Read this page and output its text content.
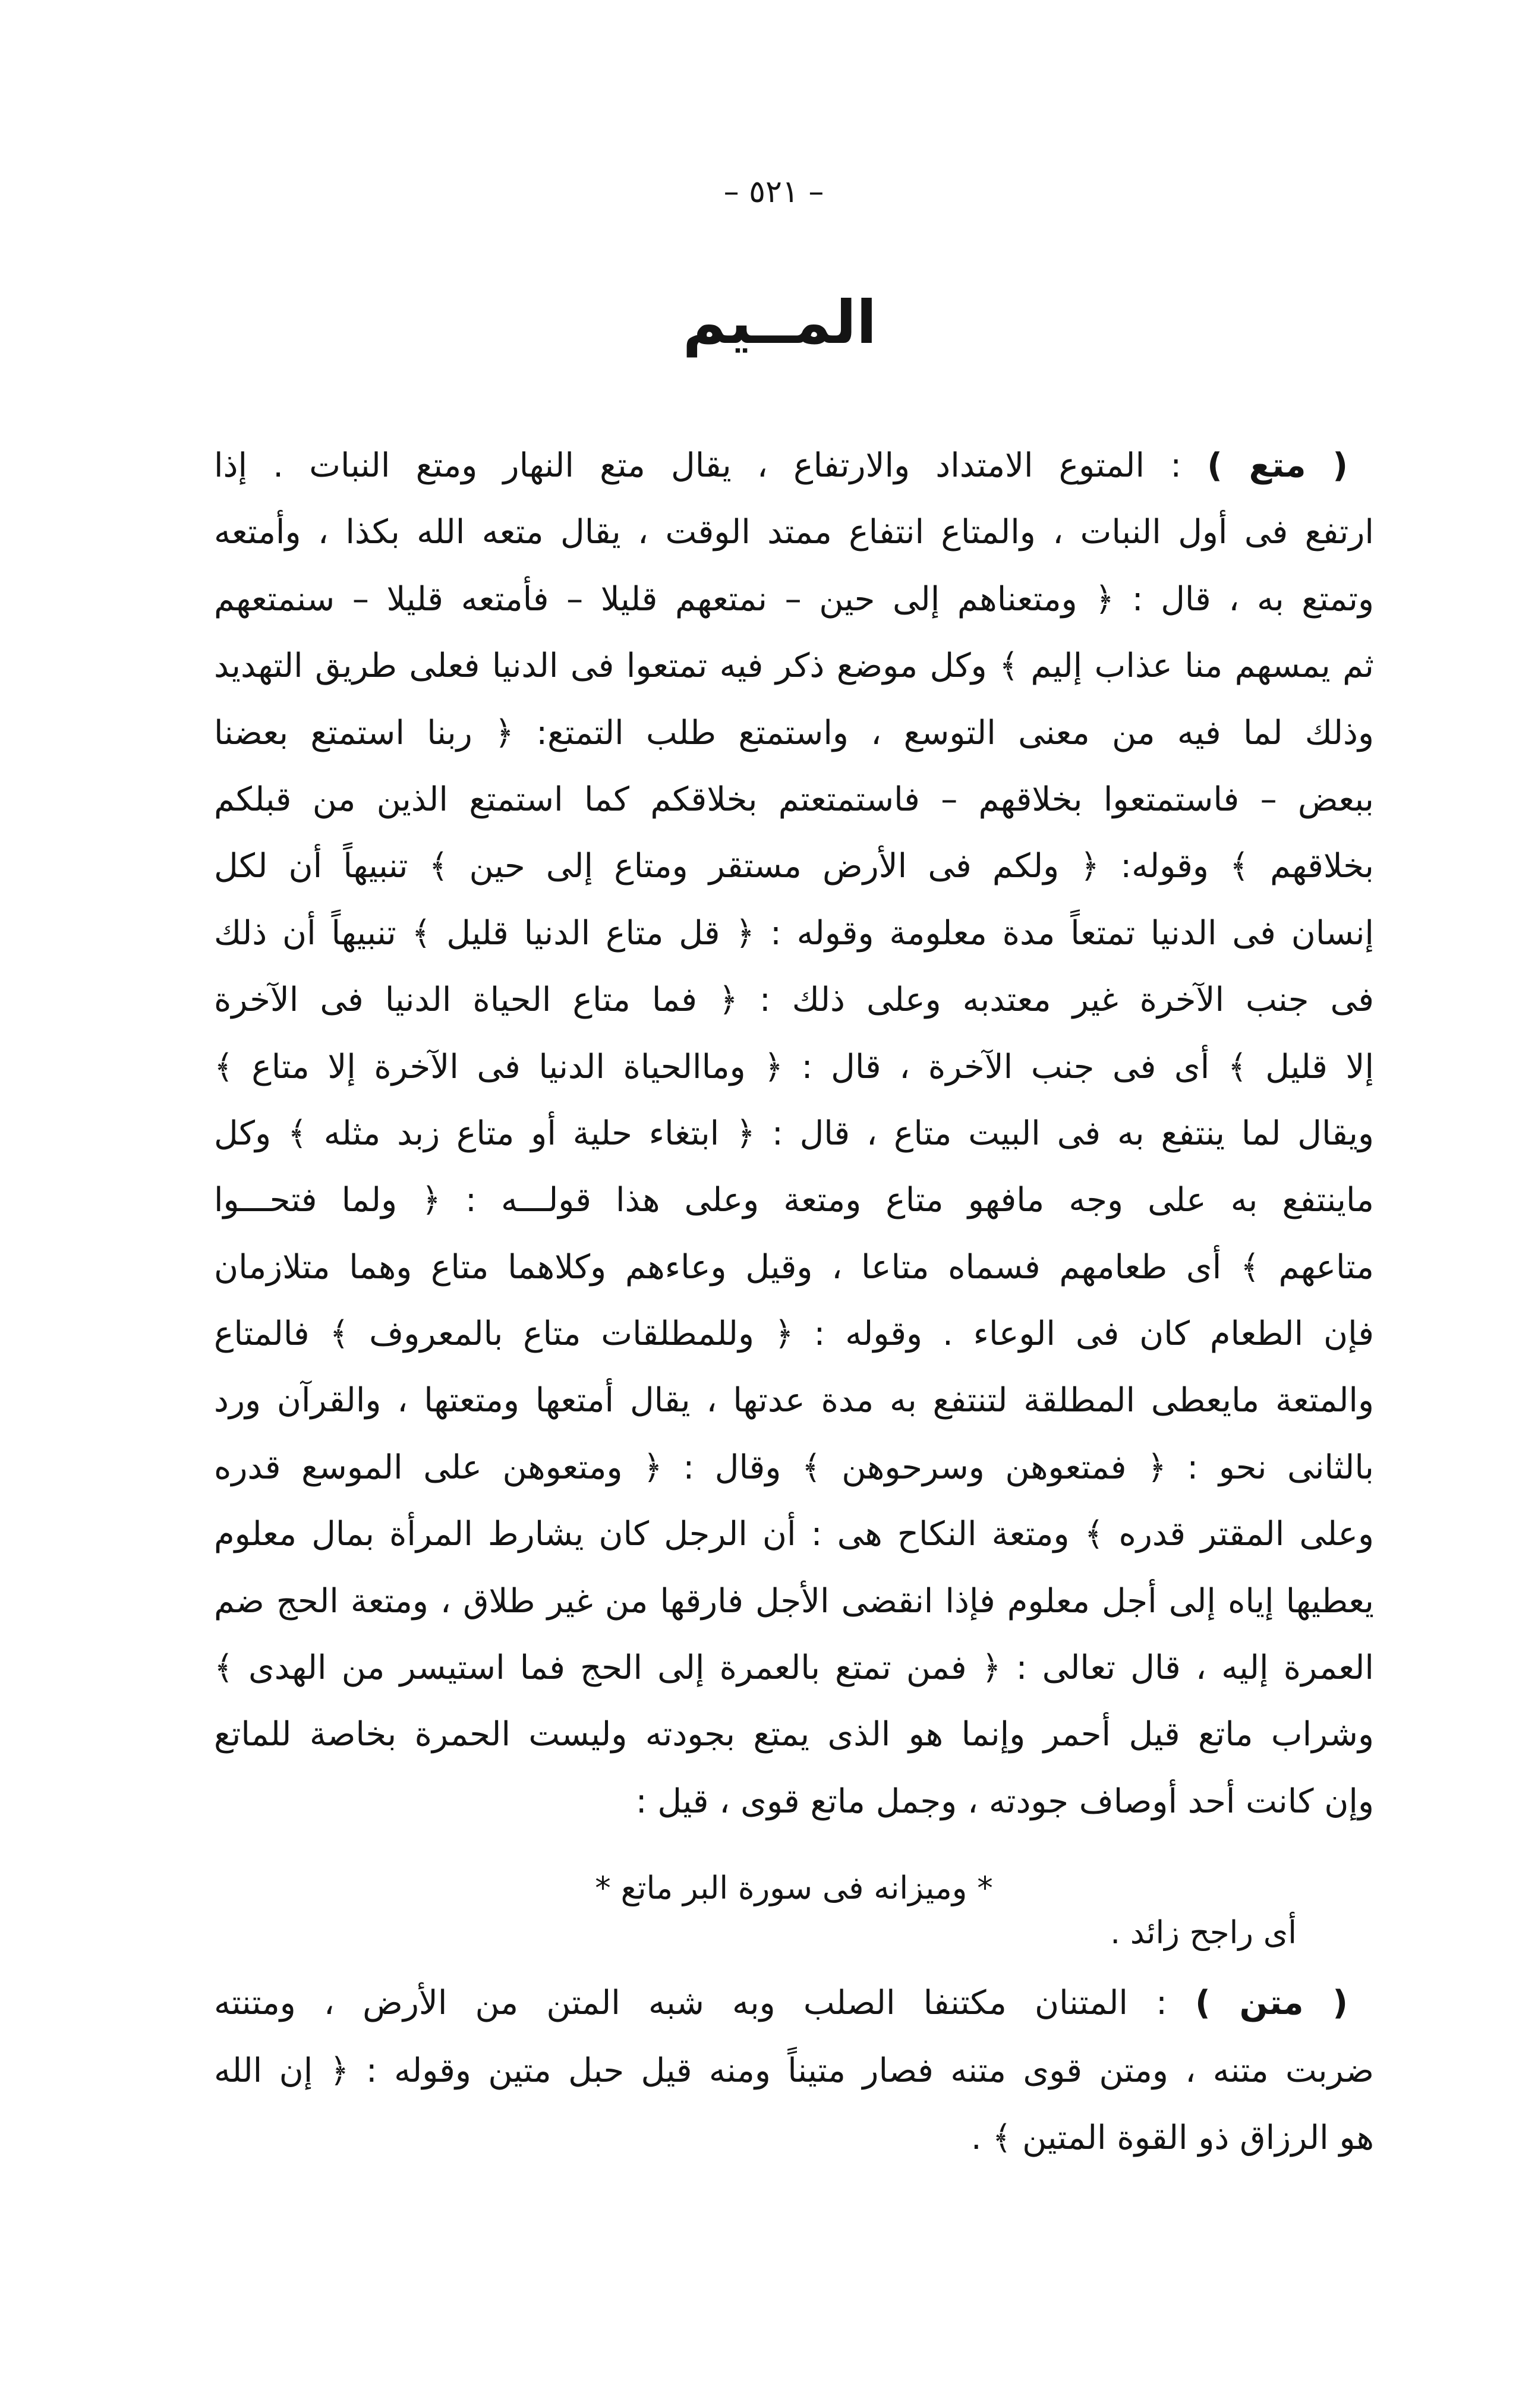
– ٥٢١ –
المــيم
( متع ) : المتوع الامتداد والارتفاع ، يقال متع النهار ومتع النبات . إذا
ارتفع فى أول النبات ، والمتاع انتفاع ممتد الوقت ، يقال متعه الله بكذا ، وأمتعه
وتمتع به ، قال : ﴿ ومتعناهم إلى حين – نمتعهم قليلا – فأمتعه قليلا – سنمتعهم
ثم يمسهم منا عذاب إليم ﴾ وكل موضع ذكر فيه تمتعوا فى الدنيا فعلى طريق التهديد
وذلك لما فيه من معنى التوسع ، واستمتع طلب التمتع: ﴿ ربنا استمتع بعضنا
ببعض – فاستمتعوا بخلاقهم – فاستمتعتم بخلاقكم كما استمتع الذين من قبلكم
بخلاقهم ﴾ وقوله: ﴿ ولكم فى الأرض مستقر ومتاع إلى حين ﴾ تنبيهاً أن لكل
إنسان فى الدنيا تمتعاً مدة معلومة وقوله : ﴿ قل متاع الدنيا قليل ﴾ تنبيهاً أن ذلك
فى جنب الآخرة غير معتدبه وعلى ذلك : ﴿ فما متاع الحياة الدنيا فى الآخرة
إلا قليل ﴾ أى فى جنب الآخرة ، قال : ﴿ وماالحياة الدنيا فى الآخرة إلا متاع ﴾
ويقال لما ينتفع به فى البيت متاع ، قال : ﴿ ابتغاء حلية أو متاع زبد مثله ﴾ وكل
ماينتفع به على وجه مافهو متاع ومتعة وعلى هذا قولـــه : ﴿ ولما فتحـــوا
متاعهم ﴾ أى طعامهم فسماه متاعا ، وقيل وعاءهم وكلاهما متاع وهما متلازمان
فإن الطعام كان فى الوعاء . وقوله : ﴿ وللمطلقات متاع بالمعروف ﴾ فالمتاع
والمتعة مايعطى المطلقة لتنتفع به مدة عدتها ، يقال أمتعها ومتعتها ، والقرآن ورد
بالثانى نحو : ﴿ فمتعوهن وسرحوهن ﴾ وقال : ﴿ ومتعوهن على الموسع قدره
وعلى المقتر قدره ﴾ ومتعة النكاح هى : أن الرجل كان يشارط المرأة بمال معلوم
يعطيها إياه إلى أجل معلوم فإذا انقضى الأجل فارقها من غير طلاق ، ومتعة الحج ضم
العمرة إليه ، قال تعالى : ﴿ فمن تمتع بالعمرة إلى الحج فما استيسر من الهدى ﴾
وشراب ماتع قيل أحمر وإنما هو الذى يمتع بجودته وليست الحمرة بخاصة للماتع
وإن كانت أحد أوصاف جودته ، وجمل ماتع قوى ، قيل :
* وميزانه فى سورة البر ماتع *
أى راجح زائد .
( متن ) : المتنان مكتنفا الصلب وبه شبه المتن من الأرض ، ومتنته
ضربت متنه ، ومتن قوى متنه فصار متيناً ومنه قيل حبل متين وقوله : ﴿ إن الله
هو الرزاق ذو القوة المتين ﴾ .
